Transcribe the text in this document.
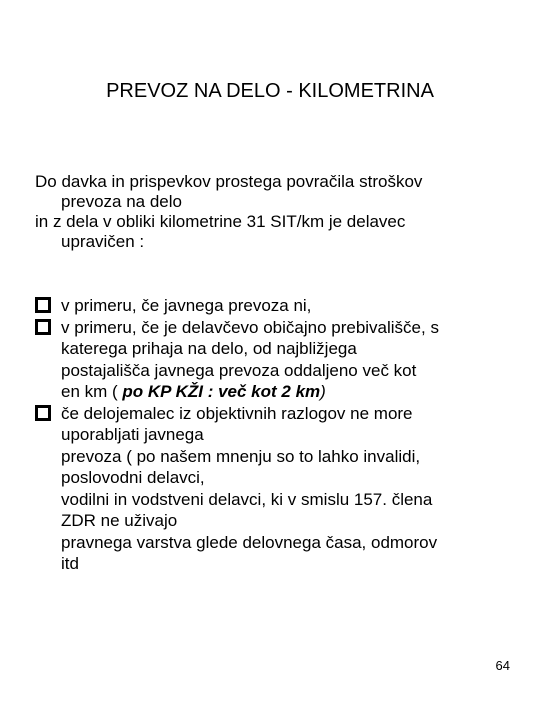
PREVOZ NA DELO - KILOMETRINA
Do davka in prispevkov prostega povračila stroškov
prevoza na delo
in z dela v obliki kilometrine 31 SIT/km je delavec
upravičen :
v primeru, če javnega prevoza ni,
v primeru, če je delavčevo običajno prebivališče, s
katerega prihaja na delo, od najbližjega
postajališča javnega prevoza oddaljeno več kot
en km ( po KP KŽI : več kot 2 km)
če delojemalec iz objektivnih razlogov ne more
uporabljati javnega
prevoza ( po našem mnenju so to lahko invalidi,
poslovodni delavci,
vodilni in vodstveni delavci, ki v smislu 157. člena
ZDR ne uživajo
pravnega varstva glede delovnega časa, odmorov
itd
64
